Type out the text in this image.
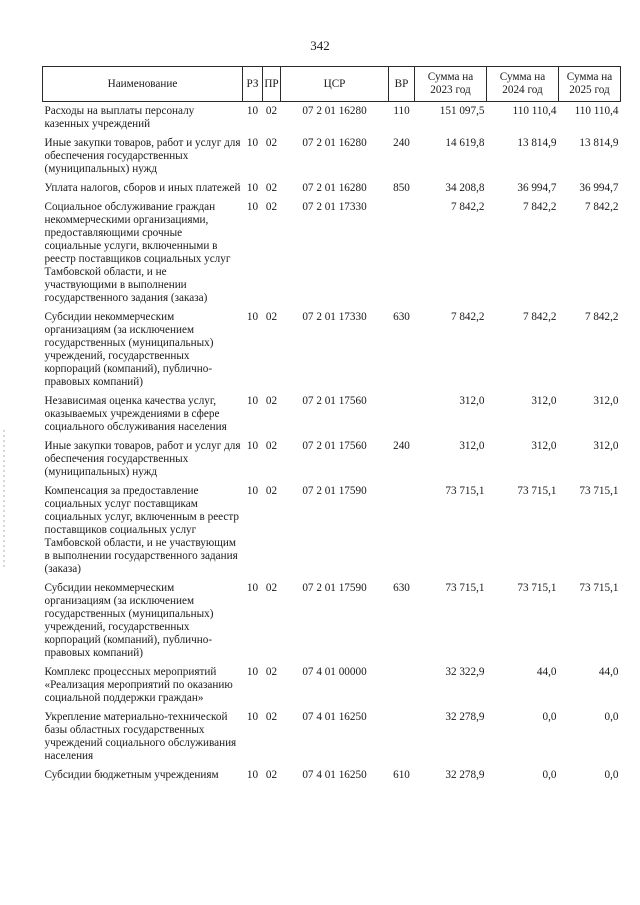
342
Наименование	РЗ	ПР	ЦСР	ВР	Сумма на 2023 год	Сумма на 2024 год	Сумма на 2025 год
Расходы на выплаты персоналу казенных учреждений	10	02	07 2 01 16280	110	151 097,5	110 110,4	110 110,4
Иные закупки товаров, работ и услуг для обеспечения государственных (муниципальных) нужд	10	02	07 2 01 16280	240	14 619,8	13 814,9	13 814,9
Уплата налогов, сборов и иных платежей	10	02	07 2 01 16280	850	34 208,8	36 994,7	36 994,7
Социальное обслуживание граждан некоммерческими организациями, предоставляющими срочные социальные услуги, включенными в реестр поставщиков социальных услуг Тамбовской области, и не участвующими в выполнении государственного задания (заказа)	10	02	07 2 01 17330		7 842,2	7 842,2	7 842,2
Субсидии некоммерческим организациям (за исключением государственных (муниципальных) учреждений, государственных корпораций (компаний), публично-правовых компаний)	10	02	07 2 01 17330	630	7 842,2	7 842,2	7 842,2
Независимая оценка качества услуг, оказываемых учреждениями в сфере социального обслуживания населения	10	02	07 2 01 17560		312,0	312,0	312,0
Иные закупки товаров, работ и услуг для обеспечения государственных (муниципальных) нужд	10	02	07 2 01 17560	240	312,0	312,0	312,0
Компенсация за предоставление социальных услуг поставщикам социальных услуг, включенным в реестр поставщиков социальных услуг Тамбовской области, и не участвующим в выполнении государственного задания (заказа)	10	02	07 2 01 17590		73 715,1	73 715,1	73 715,1
Субсидии некоммерческим организациям (за исключением государственных (муниципальных) учреждений, государственных корпораций (компаний), публично-правовых компаний)	10	02	07 2 01 17590	630	73 715,1	73 715,1	73 715,1
Комплекс процессных мероприятий «Реализация мероприятий по оказанию социальной поддержки граждан»	10	02	07 4 01 00000		32 322,9	44,0	44,0
Укрепление материально-технической базы областных государственных учреждений социального обслуживания населения	10	02	07 4 01 16250		32 278,9	0,0	0,0
Субсидии бюджетным учреждениям	10	02	07 4 01 16250	610	32 278,9	0,0	0,0
